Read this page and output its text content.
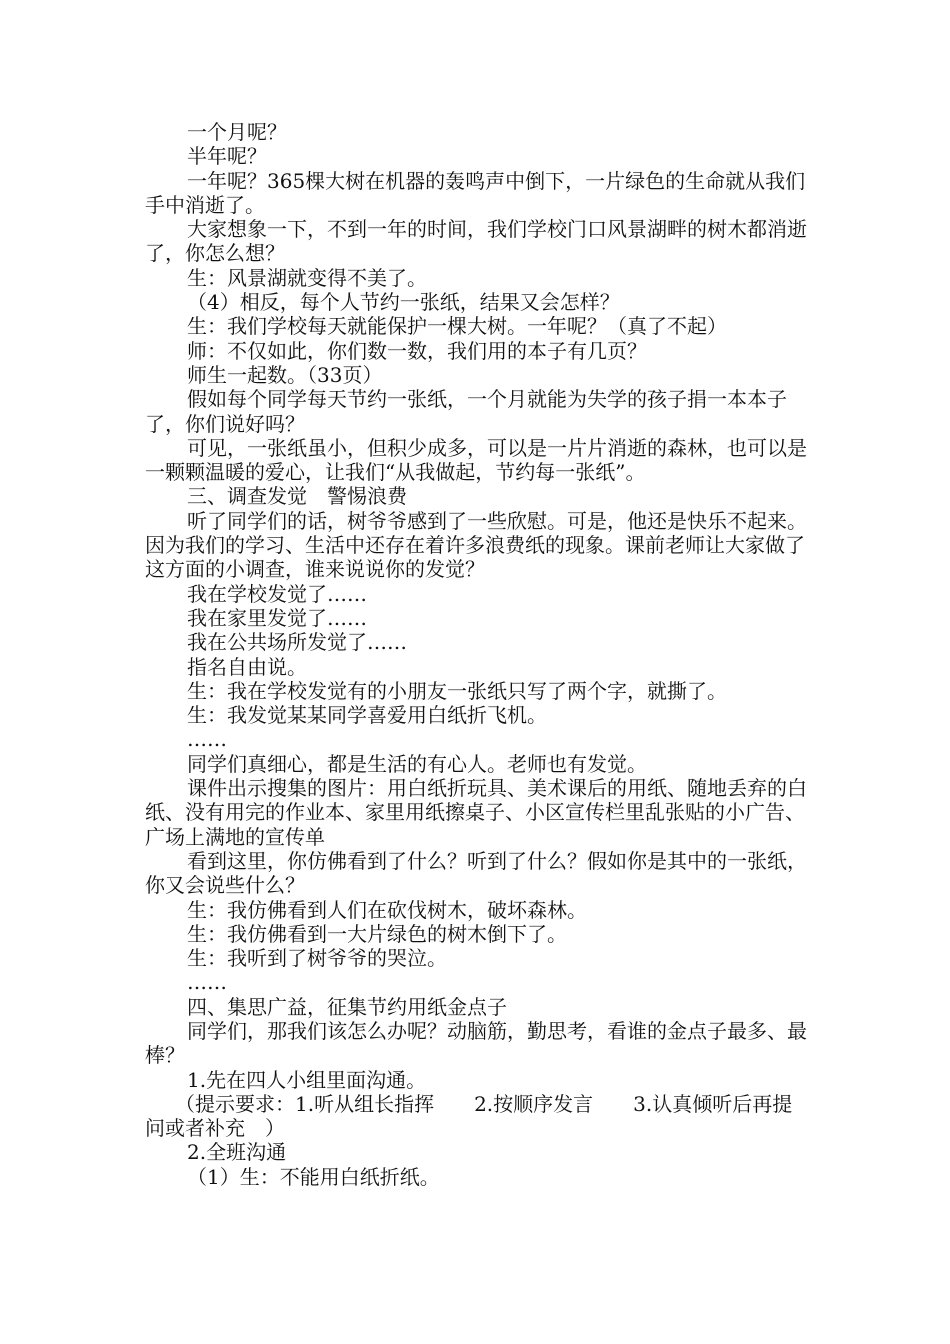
一个月呢？

半年呢？

一年呢？365棵大树在机器的轰鸣声中倒下，一片绿色的生命就从我们手中消逝了。

大家想象一下，不到一年的时间，我们学校门口风景湖畔的树木都消逝了，你怎么想？

生：风景湖就变得不美了。

（4）相反，每个人节约一张纸，结果又会怎样？

生：我们学校每天就能保护一棵大树。一年呢？（真了不起）

师：不仅如此，你们数一数，我们用的本子有几页？

师生一起数。（33页）

假如每个同学每天节约一张纸，一个月就能为失学的孩子捐一本本子了，你们说好吗？

可见，一张纸虽小，但积少成多，可以是一片片消逝的森林，也可以是一颗颗温暖的爱心，让我们“从我做起，节约每一张纸”。

三、调查发觉　警惕浪费

听了同学们的话，树爷爷感到了一些欣慰。可是，他还是快乐不起来。因为我们的学习、生活中还存在着许多浪费纸的现象。课前老师让大家做了这方面的小调查，谁来说说你的发觉？

我在学校发觉了……

我在家里发觉了……

我在公共场所发觉了……

指名自由说。

生：我在学校发觉有的小朋友一张纸只写了两个字，就撕了。

生：我发觉某某同学喜爱用白纸折飞机。

……

同学们真细心，都是生活的有心人。老师也有发觉。

课件出示搜集的图片：用白纸折玩具、美术课后的用纸、随地丢弃的白纸、没有用完的作业本、家里用纸擦桌子、小区宣传栏里乱张贴的小广告、广场上满地的宣传单

看到这里，你仿佛看到了什么？听到了什么？假如你是其中的一张纸，你又会说些什么？

生：我仿佛看到人们在砍伐树木，破坏森林。

生：我仿佛看到一大片绿色的树木倒下了。

生：我听到了树爷爷的哭泣。

……

四、集思广益，征集节约用纸金点子

同学们，那我们该怎么办呢？动脑筋，勤思考，看谁的金点子最多、最棒？

1.先在四人小组里面沟通。

（提示要求：1.听从组长指挥　　2.按顺序发言　　3.认真倾听后再提问或者补充　）

2.全班沟通

（1）生：不能用白纸折纸。
